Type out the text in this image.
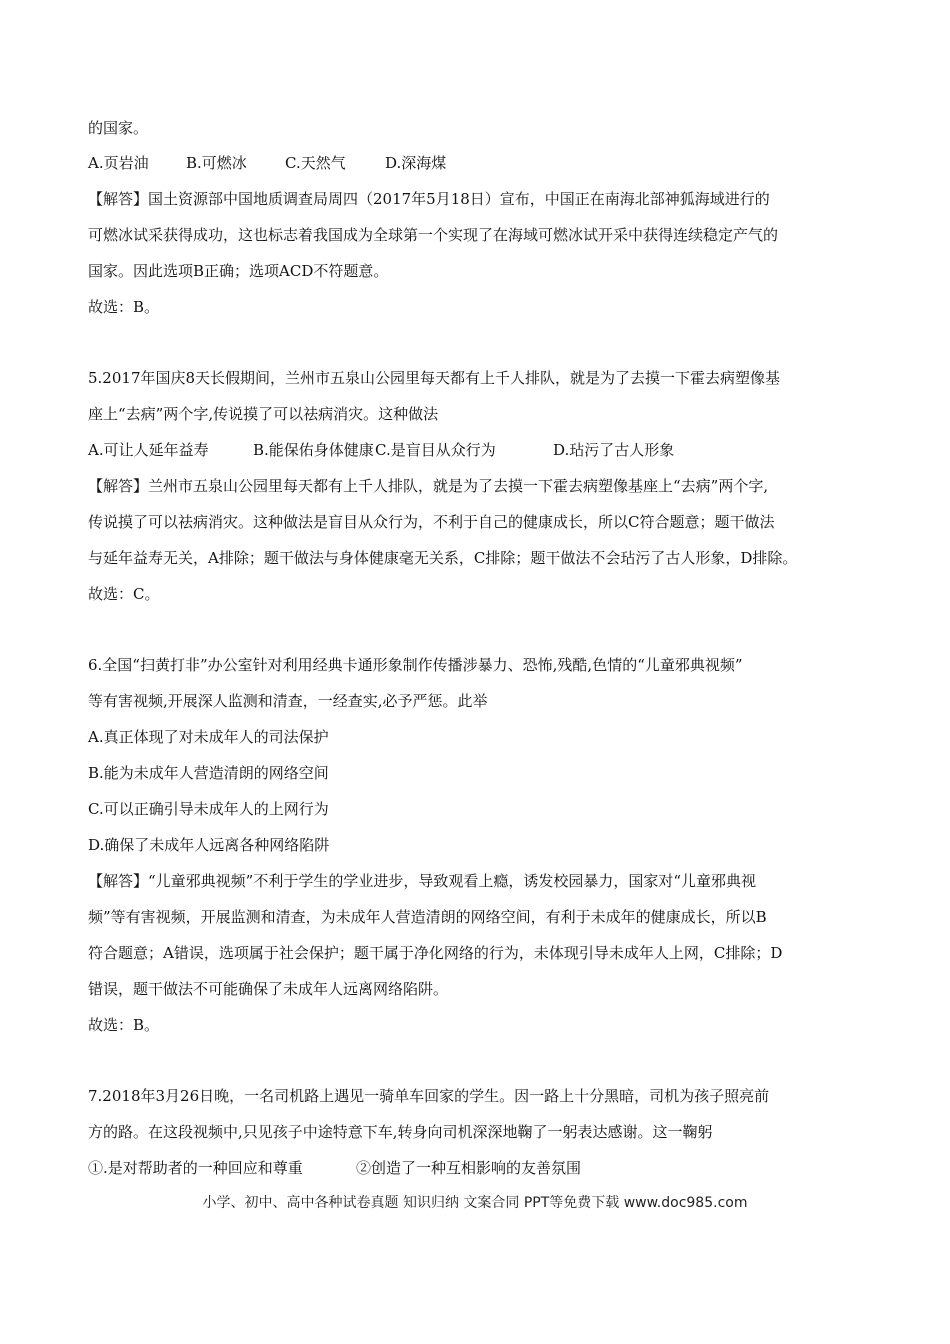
的国家。
A.页岩油 B.可燃冰	C.天然气	D.深海煤
【解答】国土资源部中国地质调查局周四（2017年5月18日）宣布，中国正在南海北部神狐海域进行的
可燃冰试采获得成功，这也标志着我国成为全球第一个实现了在海域可燃冰试开采中获得连续稳定产气的
国家。因此选项B正确；选项ACD不符题意。
故选：B。
5.2017年国庆8天长假期间，兰州市五泉山公园里每天都有上千人排队，就是为了去摸一下霍去病塑像基
座上“去病”两个字,传说摸了可以祛病消灾。这种做法
A.可让人延年益寿	B.能保佑身体健康 C.是盲目从众行为	D.玷污了古人形象
【解答】兰州市五泉山公园里每天都有上千人排队，就是为了去摸一下霍去病塑像基座上“去病”两个字,
传说摸了可以祛病消灾。这种做法是盲目从众行为，不利于自己的健康成长，所以C符合题意；题干做法
与延年益寿无关，A排除；题干做法与身体健康毫无关系，C排除；题干做法不会玷污了古人形象，D排除。
故选：C。
6.全国“扫黄打非”办公室针对利用经典卡通形象制作传播涉暴力、恐怖,残酷,色情的“儿童邪典视频”
等有害视频,开展深人监测和清查，一经查实,必予严惩。此举
A.真正体现了对未成年人的司法保护
B.能为未成年人营造清朗的网络空间
C.可以正确引导未成年人的上网行为
D.确保了未成年人远离各种网络陷阱
【解答】“儿童邪典视频”不利于学生的学业进步，导致观看上瘾，诱发校园暴力，国家对“儿童邪典视
频”等有害视频，开展监测和清查，为未成年人营造清朗的网络空间，有利于未成年的健康成长，所以B
符合题意；A错误，选项属于社会保护；题干属于净化网络的行为，未体现引导未成年人上网，C排除；D
错误，题干做法不可能确保了未成年人远离网络陷阱。
故选：B。
7.2018年3月26日晚，一名司机路上遇见一骑单车回家的学生。因一路上十分黑暗，司机为孩子照亮前
方的路。在这段视频中,只见孩子中途特意下车,转身向司机深深地鞠了一躬表达感谢。这一鞠躬
①.是对帮助者的一种回应和尊重	②创造了一种互相影响的友善氛围
小学、初中、高中各种试卷真题 知识归纳 文案合同 PPT等免费下载 www.doc985.com
